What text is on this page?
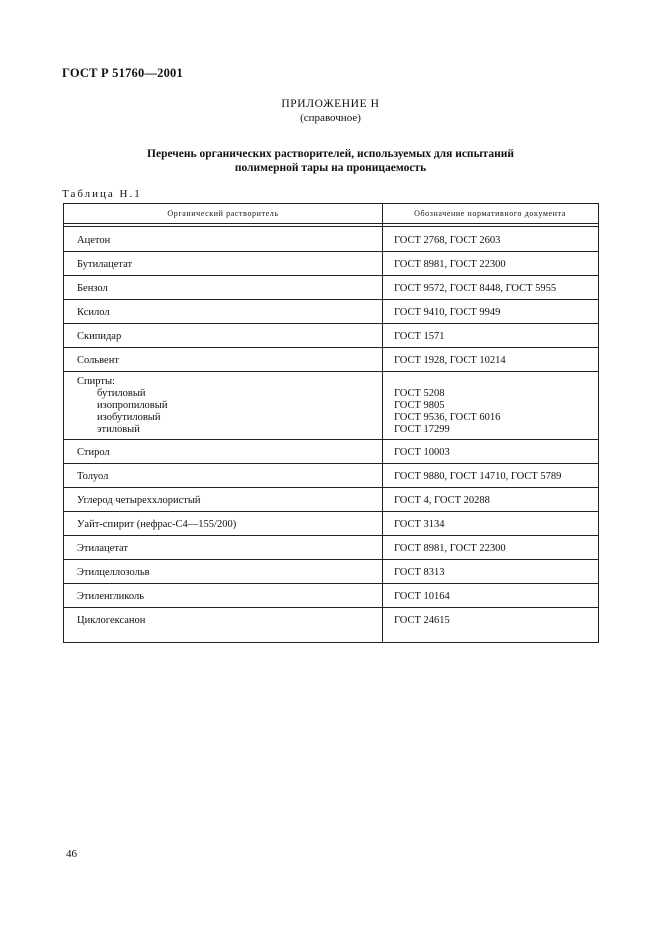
ГОСТ Р 51760—2001
ПРИЛОЖЕНИЕ Н
(справочное)
Перечень органических растворителей, используемых для испытаний
полимерной тары на проницаемость
Таблица Н.1
Органический растворитель	Обозначение нормативного документа
Ацетон	ГОСТ 2768, ГОСТ 2603
Бутилацетат	ГОСТ 8981, ГОСТ 22300
Бензол	ГОСТ 9572, ГОСТ 8448, ГОСТ 5955
Ксилол	ГОСТ 9410, ГОСТ 9949
Скипидар	ГОСТ 1571
Сольвент	ГОСТ 1928, ГОСТ 10214
Спирты:
бутиловый	ГОСТ 5208
изопропиловый	ГОСТ 9805
изобутиловый	ГОСТ 9536, ГОСТ 6016
этиловый	ГОСТ 17299
Стирол	ГОСТ 10003
Толуол	ГОСТ 9880, ГОСТ 14710, ГОСТ 5789
Углерод четыреххлористый	ГОСТ 4, ГОСТ 20288
Уайт-спирит (нефрас-С4—155/200)	ГОСТ 3134
Этилацетат	ГОСТ 8981, ГОСТ 22300
Этилцеллозольв	ГОСТ 8313
Этиленгликоль	ГОСТ 10164
Циклогексанон	ГОСТ 24615
46
